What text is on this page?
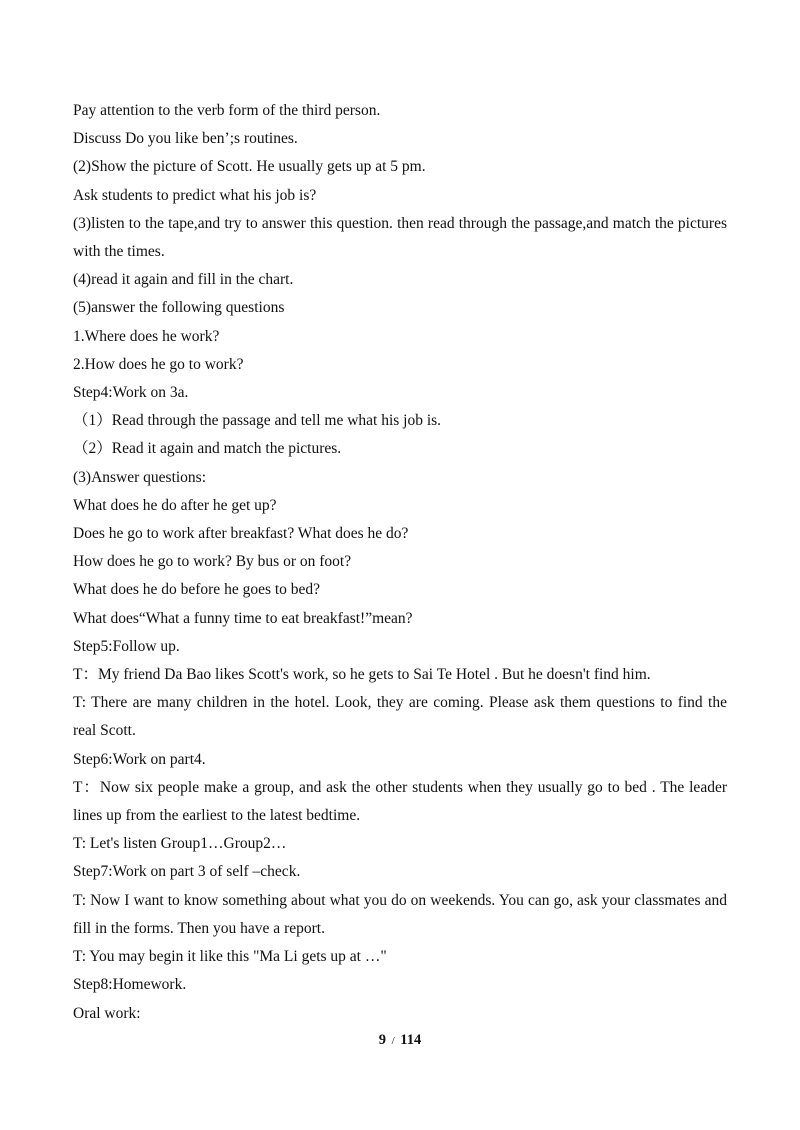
Pay attention to the verb form of the third person.

Discuss Do you like ben’;s routines.

(2)Show the picture of Scott. He usually gets up at 5 pm.

Ask students to predict what his job is?

(3)listen to the tape,and try to answer this question. then read through the passage,and match the pictures with the times.

(4)read it again and fill in the chart.

(5)answer the following questions

1.Where does he work?

2.How does he go to work?

Step4:Work on 3a.

（1）Read through the passage and tell me what his job is.

（2）Read it again and match the pictures.

(3)Answer questions:

What does he do after he get up?

Does he go to work after breakfast? What does he do?

How does he go to work? By bus or on foot?

What does he do before he goes to bed?

What does“What a funny time to eat breakfast!”mean?

Step5:Follow up.

T：My friend Da Bao likes Scott's work, so he gets to Sai Te Hotel . But he doesn't find him.

T: There are many children in the hotel. Look, they are coming. Please ask them questions to find the real Scott.

Step6:Work on part4.

T：Now six people make a group, and ask the other students when they usually go to bed . The leader lines up from the earliest to the latest bedtime.

T: Let's listen Group1…Group2…

Step7:Work on part 3 of self –check.

T: Now I want to know something about what you do on weekends. You can go, ask your classmates and fill in the forms. Then you have a report.

T: You may begin it like this "Ma Li gets up at …"

Step8:Homework.

Oral work:

9 / 114
